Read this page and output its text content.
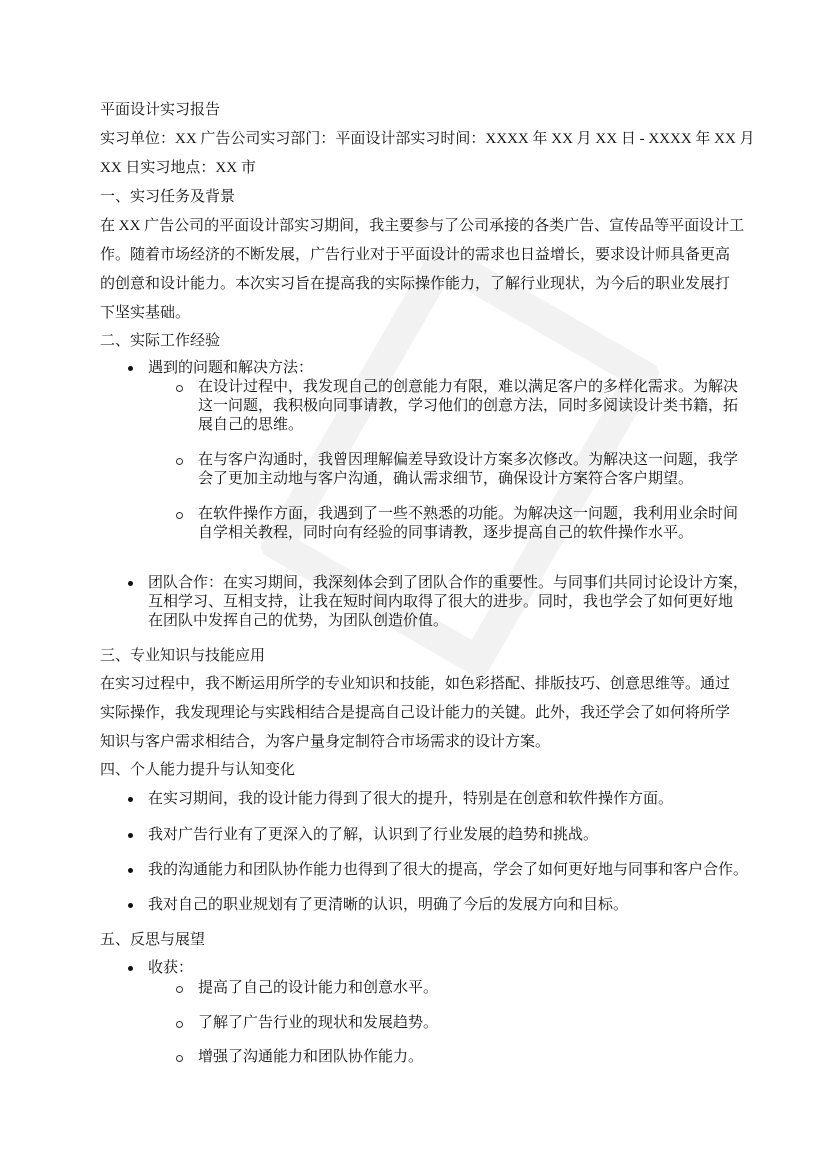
平面设计实习报告
实习单位：XX 广告公司实习部门：平面设计部实习时间：XXXX 年 XX 月 XX 日 - XXXX 年 XX 月
XX 日实习地点：XX 市
一、实习任务及背景
在 XX 广告公司的平面设计部实习期间，我主要参与了公司承接的各类广告、宣传品等平面设计工
作。随着市场经济的不断发展，广告行业对于平面设计的需求也日益增长，要求设计师具备更高
的创意和设计能力。本次实习旨在提高我的实际操作能力，了解行业现状，为今后的职业发展打
下坚实基础。
二、实际工作经验
遇到的问题和解决方法：
在设计过程中，我发现自己的创意能力有限，难以满足客户的多样化需求。为解决
这一问题，我积极向同事请教，学习他们的创意方法，同时多阅读设计类书籍，拓
展自己的思维。
在与客户沟通时，我曾因理解偏差导致设计方案多次修改。为解决这一问题，我学
会了更加主动地与客户沟通，确认需求细节，确保设计方案符合客户期望。
在软件操作方面，我遇到了一些不熟悉的功能。为解决这一问题，我利用业余时间
自学相关教程，同时向有经验的同事请教，逐步提高自己的软件操作水平。
团队合作：在实习期间，我深刻体会到了团队合作的重要性。与同事们共同讨论设计方案，
互相学习、互相支持，让我在短时间内取得了很大的进步。同时，我也学会了如何更好地
在团队中发挥自己的优势，为团队创造价值。
三、专业知识与技能应用
在实习过程中，我不断运用所学的专业知识和技能，如色彩搭配、排版技巧、创意思维等。通过
实际操作，我发现理论与实践相结合是提高自己设计能力的关键。此外，我还学会了如何将所学
知识与客户需求相结合，为客户量身定制符合市场需求的设计方案。
四、个人能力提升与认知变化
在实习期间，我的设计能力得到了很大的提升，特别是在创意和软件操作方面。
我对广告行业有了更深入的了解，认识到了行业发展的趋势和挑战。
我的沟通能力和团队协作能力也得到了很大的提高，学会了如何更好地与同事和客户合作。
我对自己的职业规划有了更清晰的认识，明确了今后的发展方向和目标。
五、反思与展望
收获：
提高了自己的设计能力和创意水平。
了解了广告行业的现状和发展趋势。
增强了沟通能力和团队协作能力。
